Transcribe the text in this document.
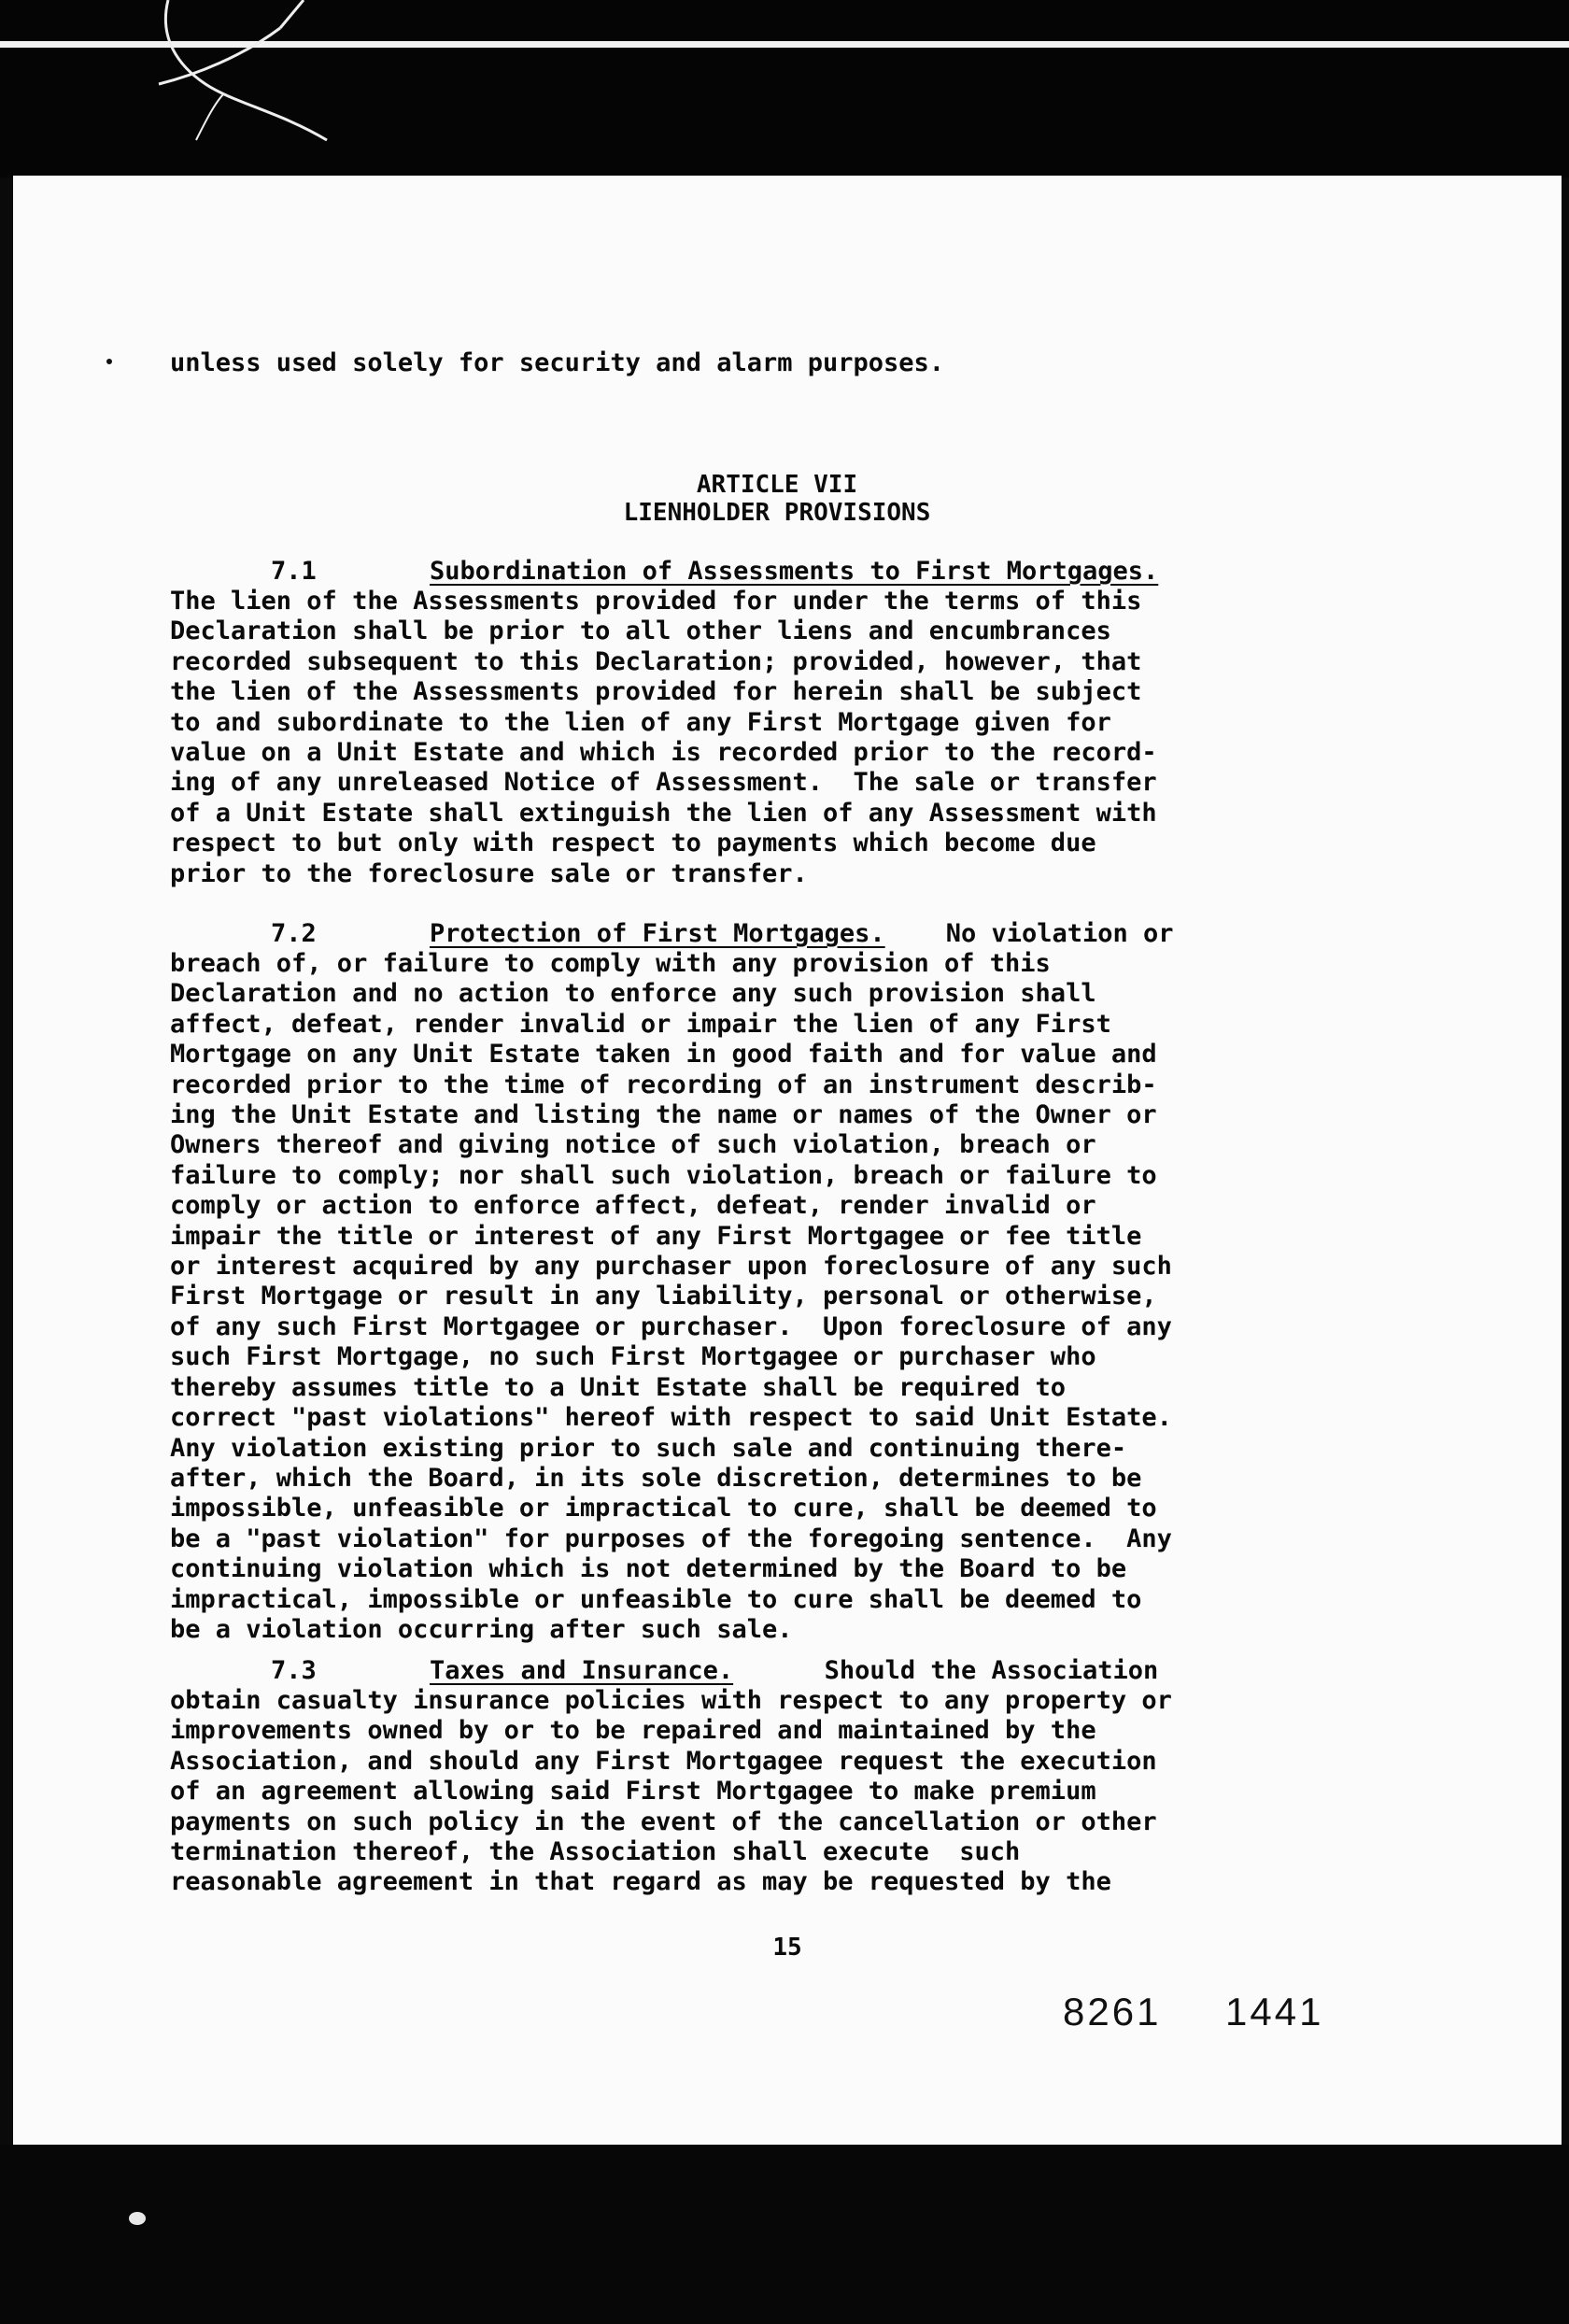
unless used solely for security and alarm purposes.
ARTICLE VII
LIENHOLDER PROVISIONS
7.1	Subordination of Assessments to First Mortgages.
The lien of the Assessments provided for under the terms of this
Declaration shall be prior to all other liens and encumbrances
recorded subsequent to this Declaration; provided, however, that
the lien of the Assessments provided for herein shall be subject
to and subordinate to the lien of any First Mortgage given for
value on a Unit Estate and which is recorded prior to the record-
ing of any unreleased Notice of Assessment.  The sale or transfer
of a Unit Estate shall extinguish the lien of any Assessment with
respect to but only with respect to payments which become due
prior to the foreclosure sale or transfer.
7.2	Protection of First Mortgages.    No violation or
breach of, or failure to comply with any provision of this
Declaration and no action to enforce any such provision shall
affect, defeat, render invalid or impair the lien of any First
Mortgage on any Unit Estate taken in good faith and for value and
recorded prior to the time of recording of an instrument describ-
ing the Unit Estate and listing the name or names of the Owner or
Owners thereof and giving notice of such violation, breach or
failure to comply; nor shall such violation, breach or failure to
comply or action to enforce affect, defeat, render invalid or
impair the title or interest of any First Mortgagee or fee title
or interest acquired by any purchaser upon foreclosure of any such
First Mortgage or result in any liability, personal or otherwise,
of any such First Mortgagee or purchaser.  Upon foreclosure of any
such First Mortgage, no such First Mortgagee or purchaser who
thereby assumes title to a Unit Estate shall be required to
correct "past violations" hereof with respect to said Unit Estate.
Any violation existing prior to such sale and continuing there-
after, which the Board, in its sole discretion, determines to be
impossible, unfeasible or impractical to cure, shall be deemed to
be a "past violation" for purposes of the foregoing sentence.  Any
continuing violation which is not determined by the Board to be
impractical, impossible or unfeasible to cure shall be deemed to
be a violation occurring after such sale.
7.3	Taxes and Insurance.      Should the Association
obtain casualty insurance policies with respect to any property or
improvements owned by or to be repaired and maintained by the
Association, and should any First Mortgagee request the execution
of an agreement allowing said First Mortgagee to make premium
payments on such policy in the event of the cancellation or other
termination thereof, the Association shall execute  such
reasonable agreement in that regard as may be requested by the
15
8261 1441
